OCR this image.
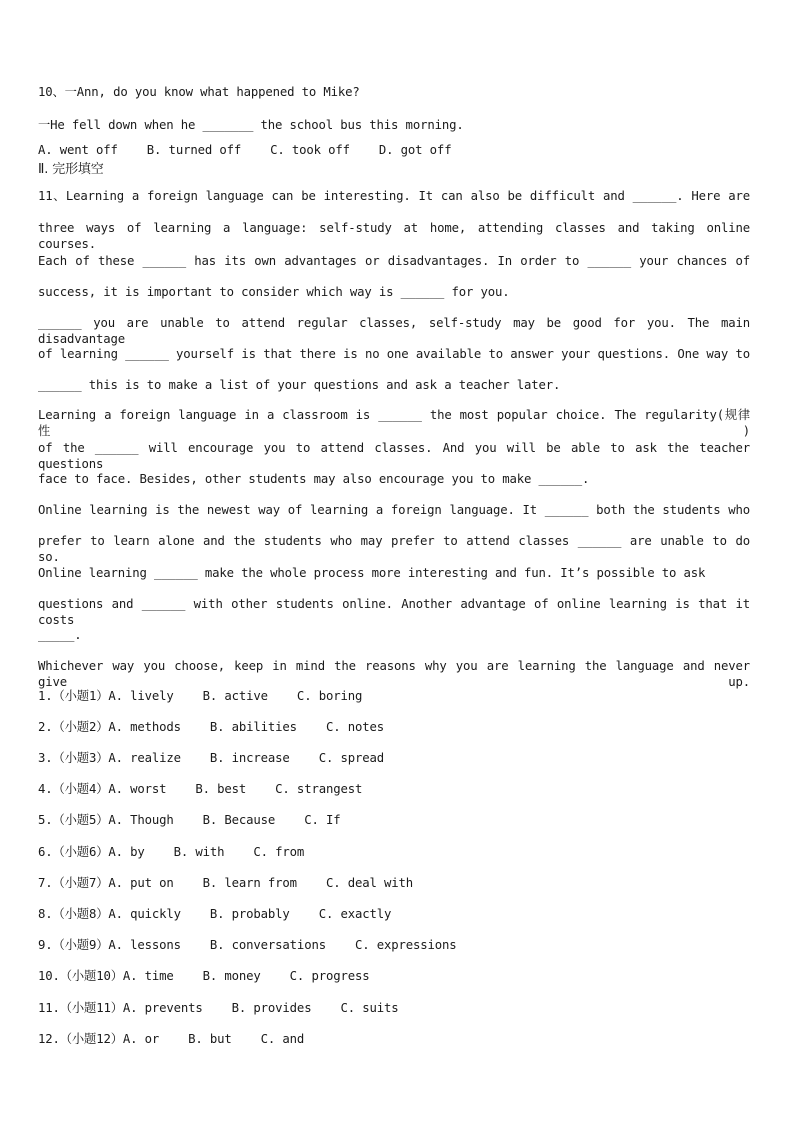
10、一Ann, do you know what happened to Mike?
一He fell down when he _______ the school bus this morning.
A. went off    B. turned off    C. took off    D. got off
Ⅱ. 完形填空
11、Learning a foreign language can be interesting. It can also be difficult and ______. Here are
three ways of learning a language: self-study at home, attending classes and taking online courses.
Each of these ______ has its own advantages or disadvantages. In order to ______ your chances of
success, it is important to consider which way is ______ for you.
______ you are unable to attend regular classes, self-study may be good for you. The main disadvantage
of learning ______ yourself is that there is no one available to answer your questions. One way to
______ this is to make a list of your questions and ask a teacher later.
Learning a foreign language in a classroom is ______ the most popular choice. The regularity(规律性)
of the ______ will encourage you to attend classes. And you will be able to ask the teacher questions
face to face. Besides, other students may also encourage you to make ______.
Online learning is the newest way of learning a foreign language. It ______ both the students who
prefer to learn alone and the students who may prefer to attend classes ______ are unable to do so.
Online learning ______ make the whole process more interesting and fun. It’s possible to ask
questions and ______ with other students online. Another advantage of online learning is that it costs
_____.
Whichever way you choose, keep in mind the reasons why you are learning the language and never give up.
1.（小题1）A. lively    B. active    C. boring
2.（小题2）A. methods    B. abilities    C. notes
3.（小题3）A. realize    B. increase    C. spread
4.（小题4）A. worst    B. best    C. strangest
5.（小题5）A. Though    B. Because    C. If
6.（小题6）A. by    B. with    C. from
7.（小题7）A. put on    B. learn from    C. deal with
8.（小题8）A. quickly    B. probably    C. exactly
9.（小题9）A. lessons    B. conversations    C. expressions
10.（小题10）A. time    B. money    C. progress
11.（小题11）A. prevents    B. provides    C. suits
12.（小题12）A. or    B. but    C. and
